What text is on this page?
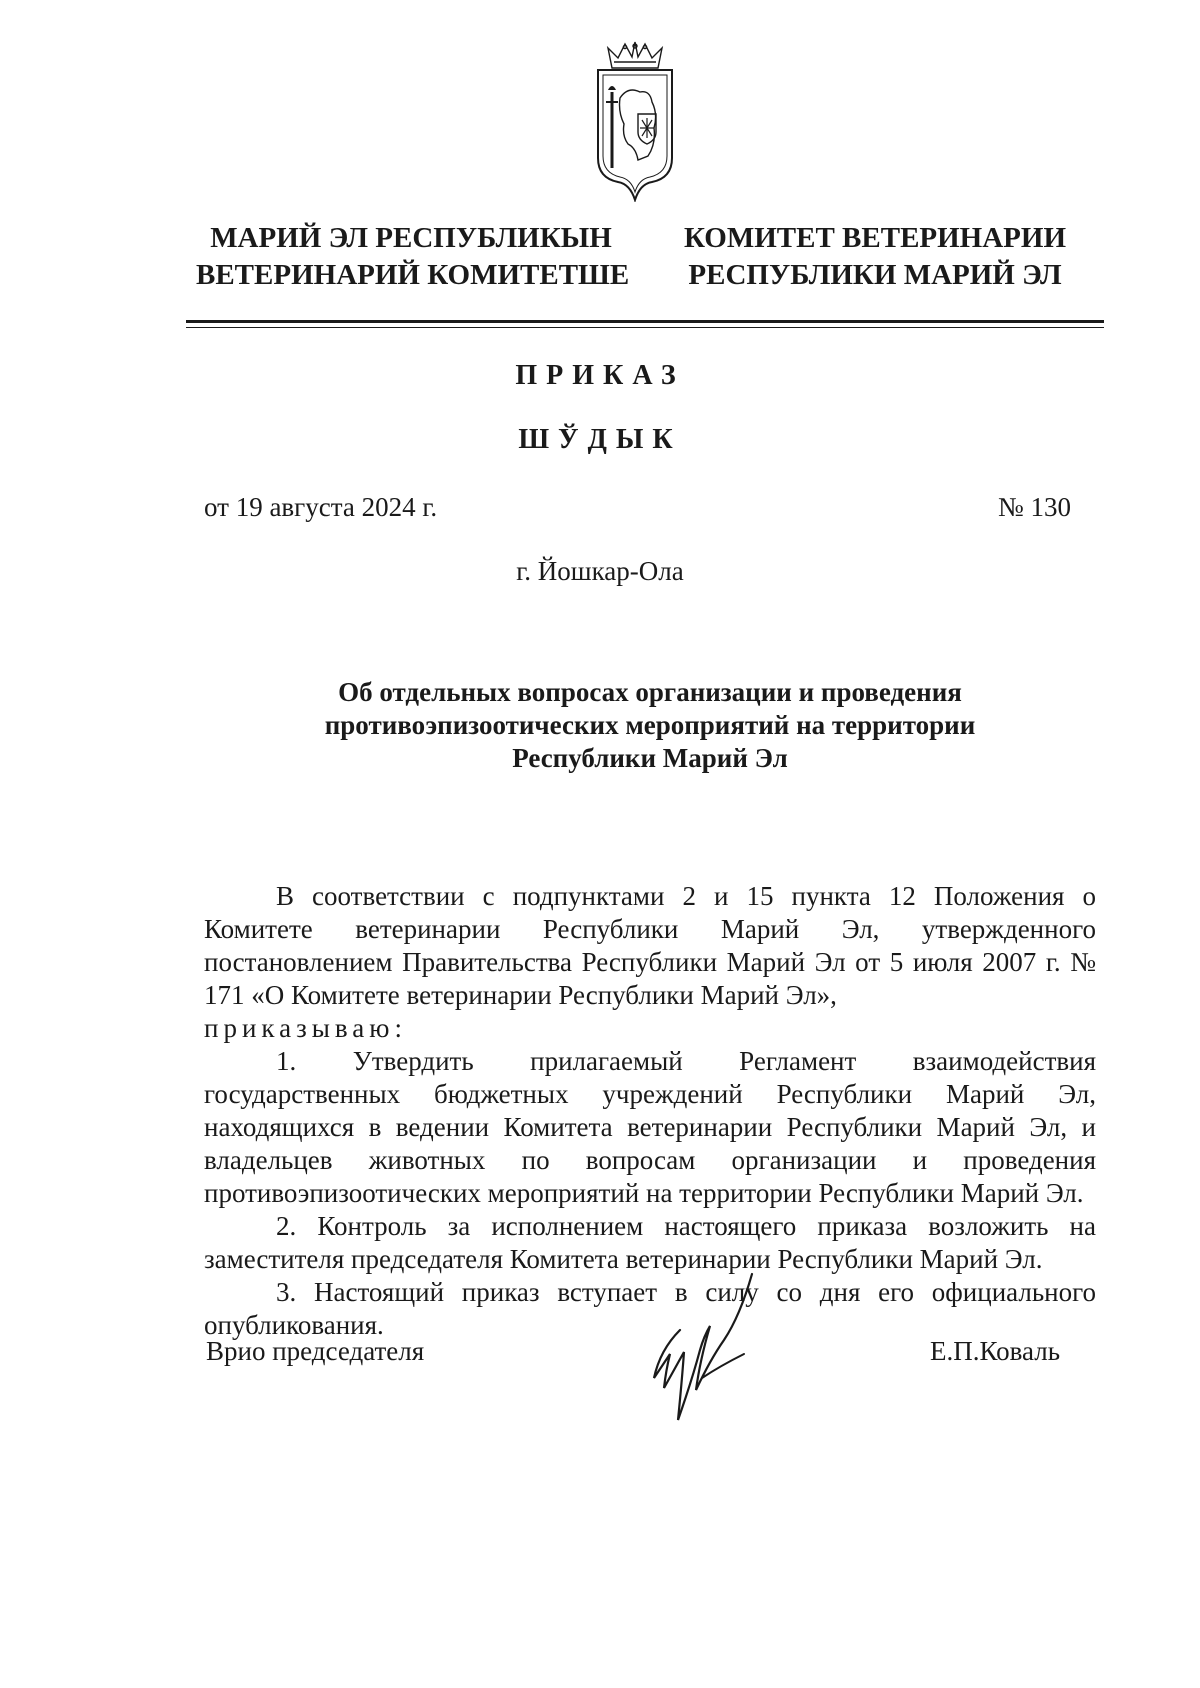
МАРИЙ ЭЛ РЕСПУБЛИКЫН
ВЕТЕРИНАРИЙ КОМИТЕТШЕ
КОМИТЕТ ВЕТЕРИНАРИИ
РЕСПУБЛИКИ МАРИЙ ЭЛ
ПРИКАЗ
ШЎДЫК
от 19 августа 2024 г.	№ 130
г. Йошкар-Ола
Об отдельных вопросах организации и проведения
противоэпизоотических мероприятий на территории
Республики Марий Эл

В соответствии с подпунктами 2 и 15 пункта 12 Положения о Комитете ветеринарии Республики Марий Эл, утвержденного постановлением Правительства Республики Марий Эл от 5 июля 2007 г. № 171 «О Комитете ветеринарии Республики Марий Эл»,

приказываю:

1. Утвердить прилагаемый Регламент взаимодействия государственных бюджетных учреждений Республики Марий Эл, находящихся в ведении Комитета ветеринарии Республики Марий Эл, и владельцев животных по вопросам организации и проведения противоэпизоотических мероприятий на территории Республики Марий Эл.

2. Контроль за исполнением настоящего приказа возложить на заместителя председателя Комитета ветеринарии Республики Марий Эл.

3. Настоящий приказ вступает в силу со дня его официального опубликования.

Врио председателя	Е.П.Коваль
